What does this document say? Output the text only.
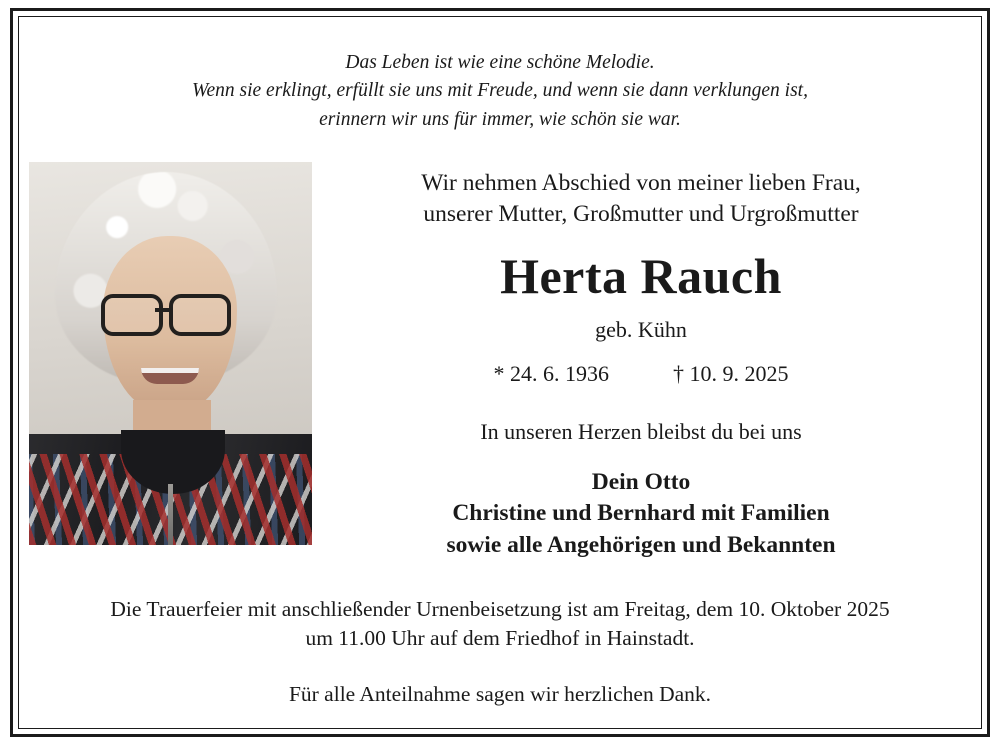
Das Leben ist wie eine schöne Melodie.
Wenn sie erklingt, erfüllt sie uns mit Freude, und wenn sie dann verklungen ist,
erinnern wir uns für immer, wie schön sie war.
Wir nehmen Abschied von meiner lieben Frau,
unserer Mutter, Großmutter und Urgroßmutter
Herta Rauch
geb. Kühn
* 24. 6. 1936	† 10. 9. 2025
In unseren Herzen bleibst du bei uns
Dein Otto
Christine und Bernhard mit Familien
sowie alle Angehörigen und Bekannten
Die Trauerfeier mit anschließender Urnenbeisetzung ist am Freitag, dem 10. Oktober 2025
um 11.00 Uhr auf dem Friedhof in Hainstadt.
Für alle Anteilnahme sagen wir herzlichen Dank.
